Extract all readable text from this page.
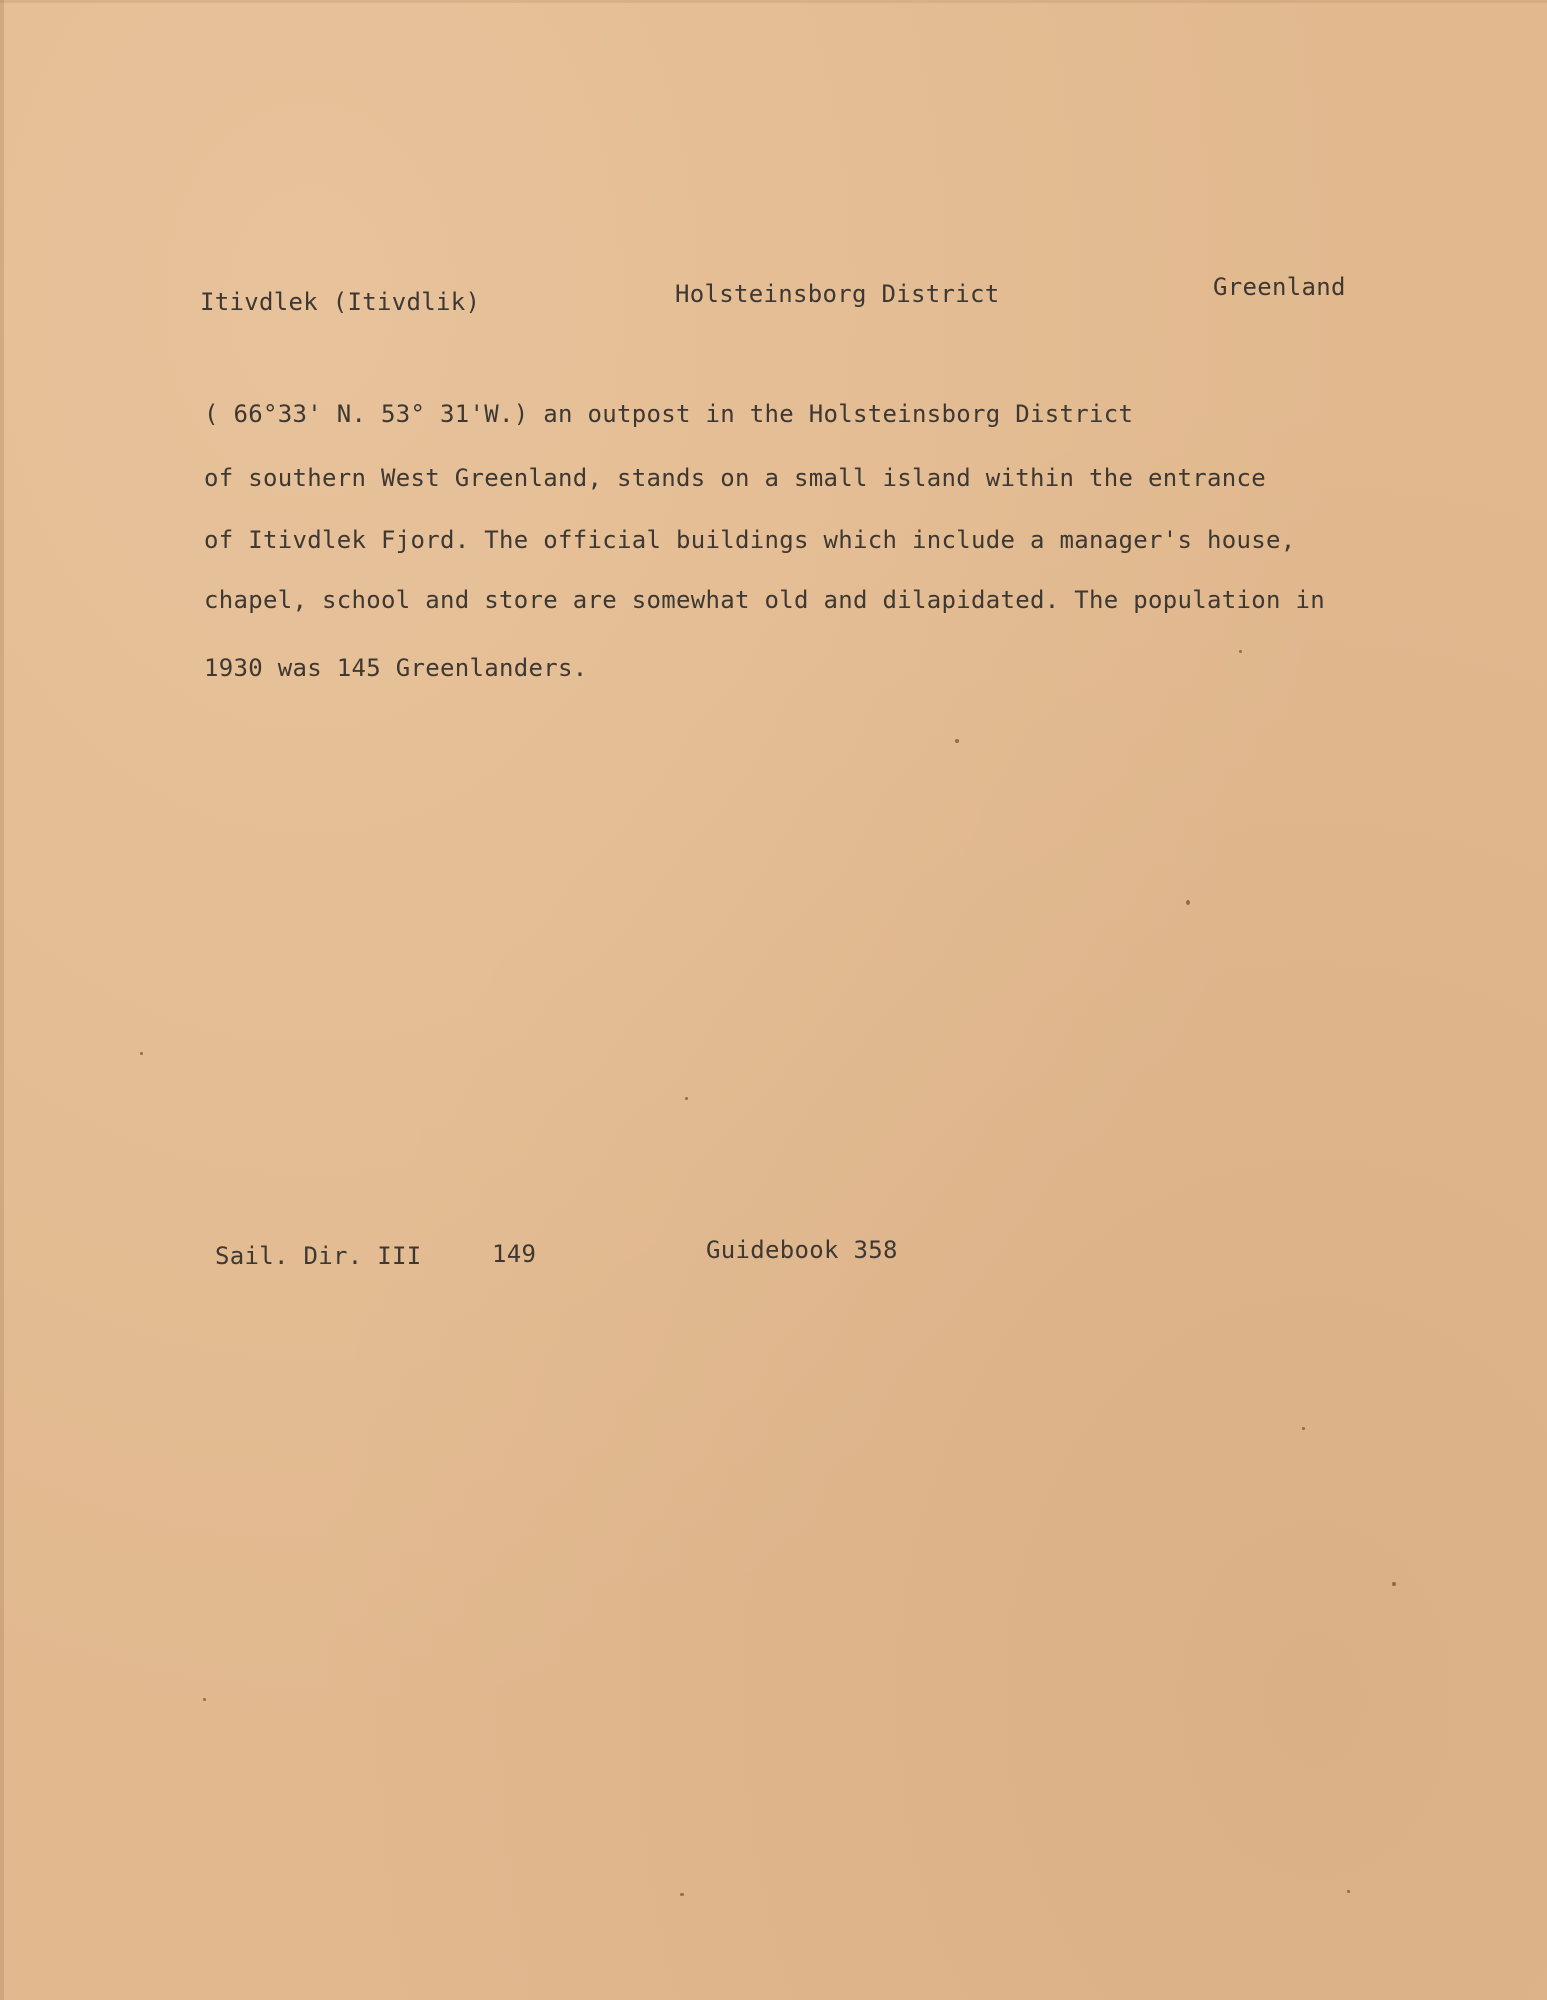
Itivdlek (Itivdlik)	Holsteinsborg District	Greenland
( 66°33' N. 53° 31'W.) an outpost in the Holsteinsborg District
of southern West Greenland, stands on a small island within the entrance
of Itivdlek Fjord. The official buildings which include a manager's house,
chapel, school and store are somewhat old and dilapidated. The population in
1930 was 145 Greenlanders.
Sail. Dir. III	149	Guidebook 358
